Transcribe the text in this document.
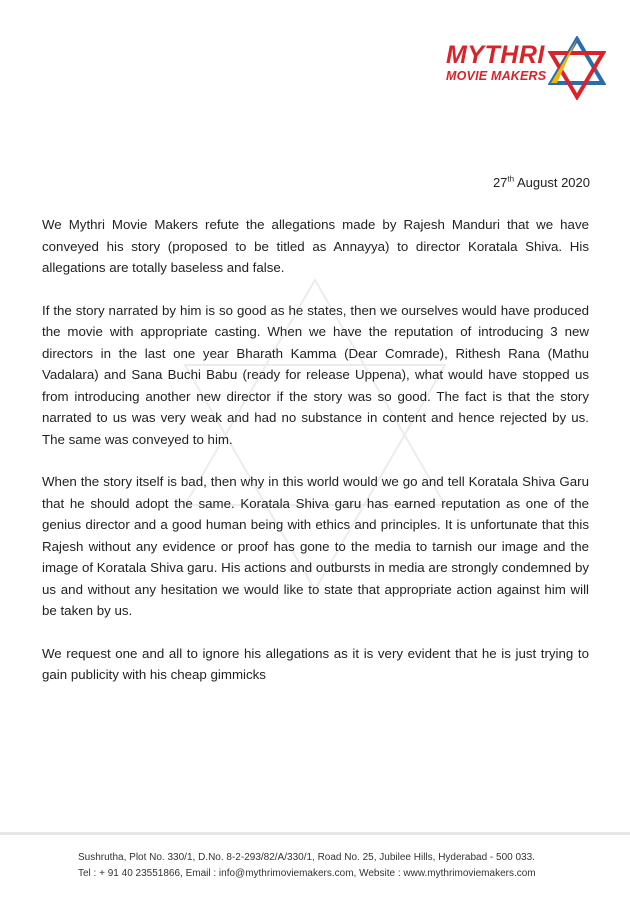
MYTHRI
MOVIE MAKERS
27th August 2020

We Mythri Movie Makers refute the allegations made by Rajesh Manduri that we have conveyed his story (proposed to be titled as Annayya) to director Koratala Shiva. His allegations are totally baseless and false.

If the story narrated by him is so good as he states, then we ourselves would have produced the movie with appropriate casting. When we have the reputation of introducing 3 new directors in the last one year Bharath Kamma (Dear Comrade), Rithesh Rana (Mathu Vadalara) and Sana Buchi Babu (ready for release Uppena), what would have stopped us from introducing another new director if the story was so good. The fact is that the story narrated to us was very weak and had no substance in content and hence rejected by us. The same was conveyed to him.

When the story itself is bad, then why in this world would we go and tell Koratala Shiva Garu that he should adopt the same. Koratala Shiva garu has earned reputation as one of the genius director and a good human being with ethics and principles. It is unfortunate that this Rajesh without any evidence or proof has gone to the media to tarnish our image and the image of Koratala Shiva garu. His actions and outbursts in media are strongly condemned by us and without any hesitation we would like to state that appropriate action against him will be taken by us.

We request one and all to ignore his allegations as it is very evident that he is just trying to gain publicity with his cheap gimmicks

Sushrutha, Plot No. 330/1, D.No. 8-2-293/82/A/330/1, Road No. 25, Jubilee Hills, Hyderabad - 500 033.
Tel : + 91 40 23551866, Email : info@mythrimoviemakers.com, Website : www.mythrimoviemakers.com
